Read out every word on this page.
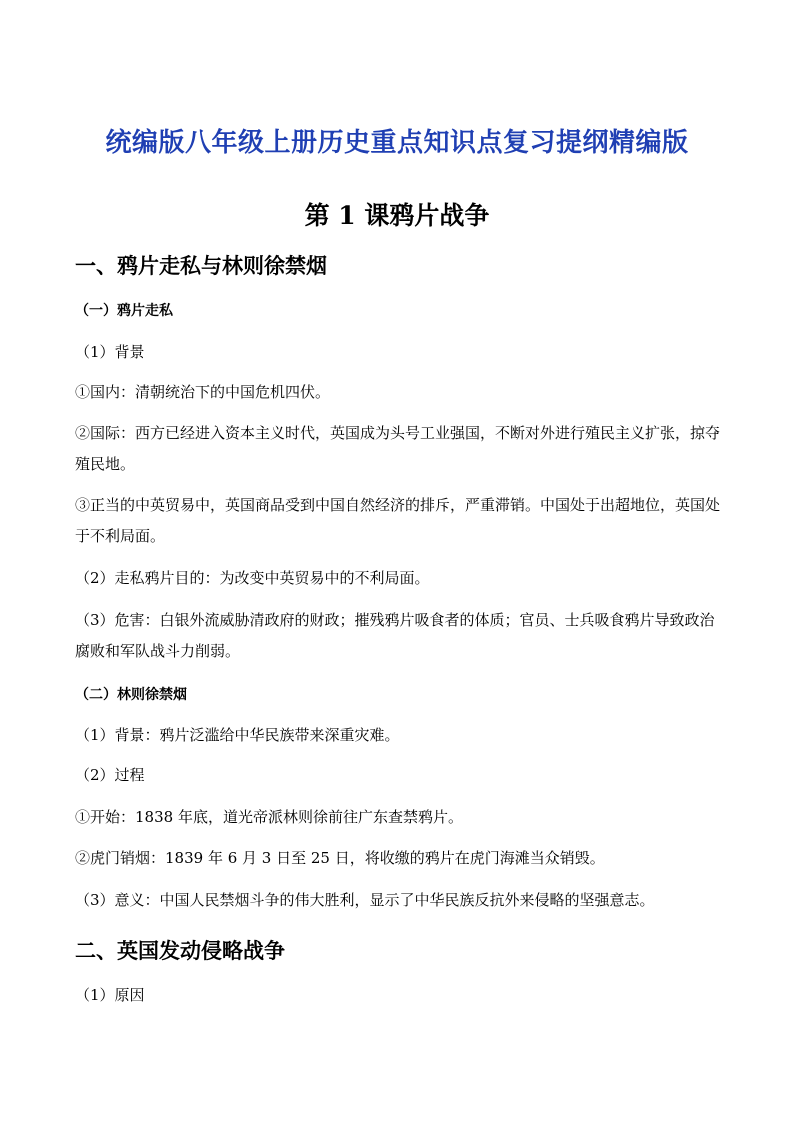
统编版八年级上册历史重点知识点复习提纲精编版
第 1 课鸦片战争
一、鸦片走私与林则徐禁烟
（一）鸦片走私
（1）背景
①国内：清朝统治下的中国危机四伏。
②国际：西方已经进入资本主义时代，英国成为头号工业强国，不断对外进行殖民主义扩张，掠夺殖民地。
③正当的中英贸易中，英国商品受到中国自然经济的排斥，严重滞销。中国处于出超地位，英国处于不利局面。
（2）走私鸦片目的：为改变中英贸易中的不利局面。
（3）危害：白银外流威胁清政府的财政；摧残鸦片吸食者的体质；官员、士兵吸食鸦片导致政治腐败和军队战斗力削弱。
（二）林则徐禁烟
（1）背景：鸦片泛滥给中华民族带来深重灾难。
（2）过程
①开始：1838 年底，道光帝派林则徐前往广东查禁鸦片。
②虎门销烟：1839 年 6 月 3 日至 25 日，将收缴的鸦片在虎门海滩当众销毁。
（3）意义：中国人民禁烟斗争的伟大胜利，显示了中华民族反抗外来侵略的坚强意志。
二、英国发动侵略战争
（1）原因
